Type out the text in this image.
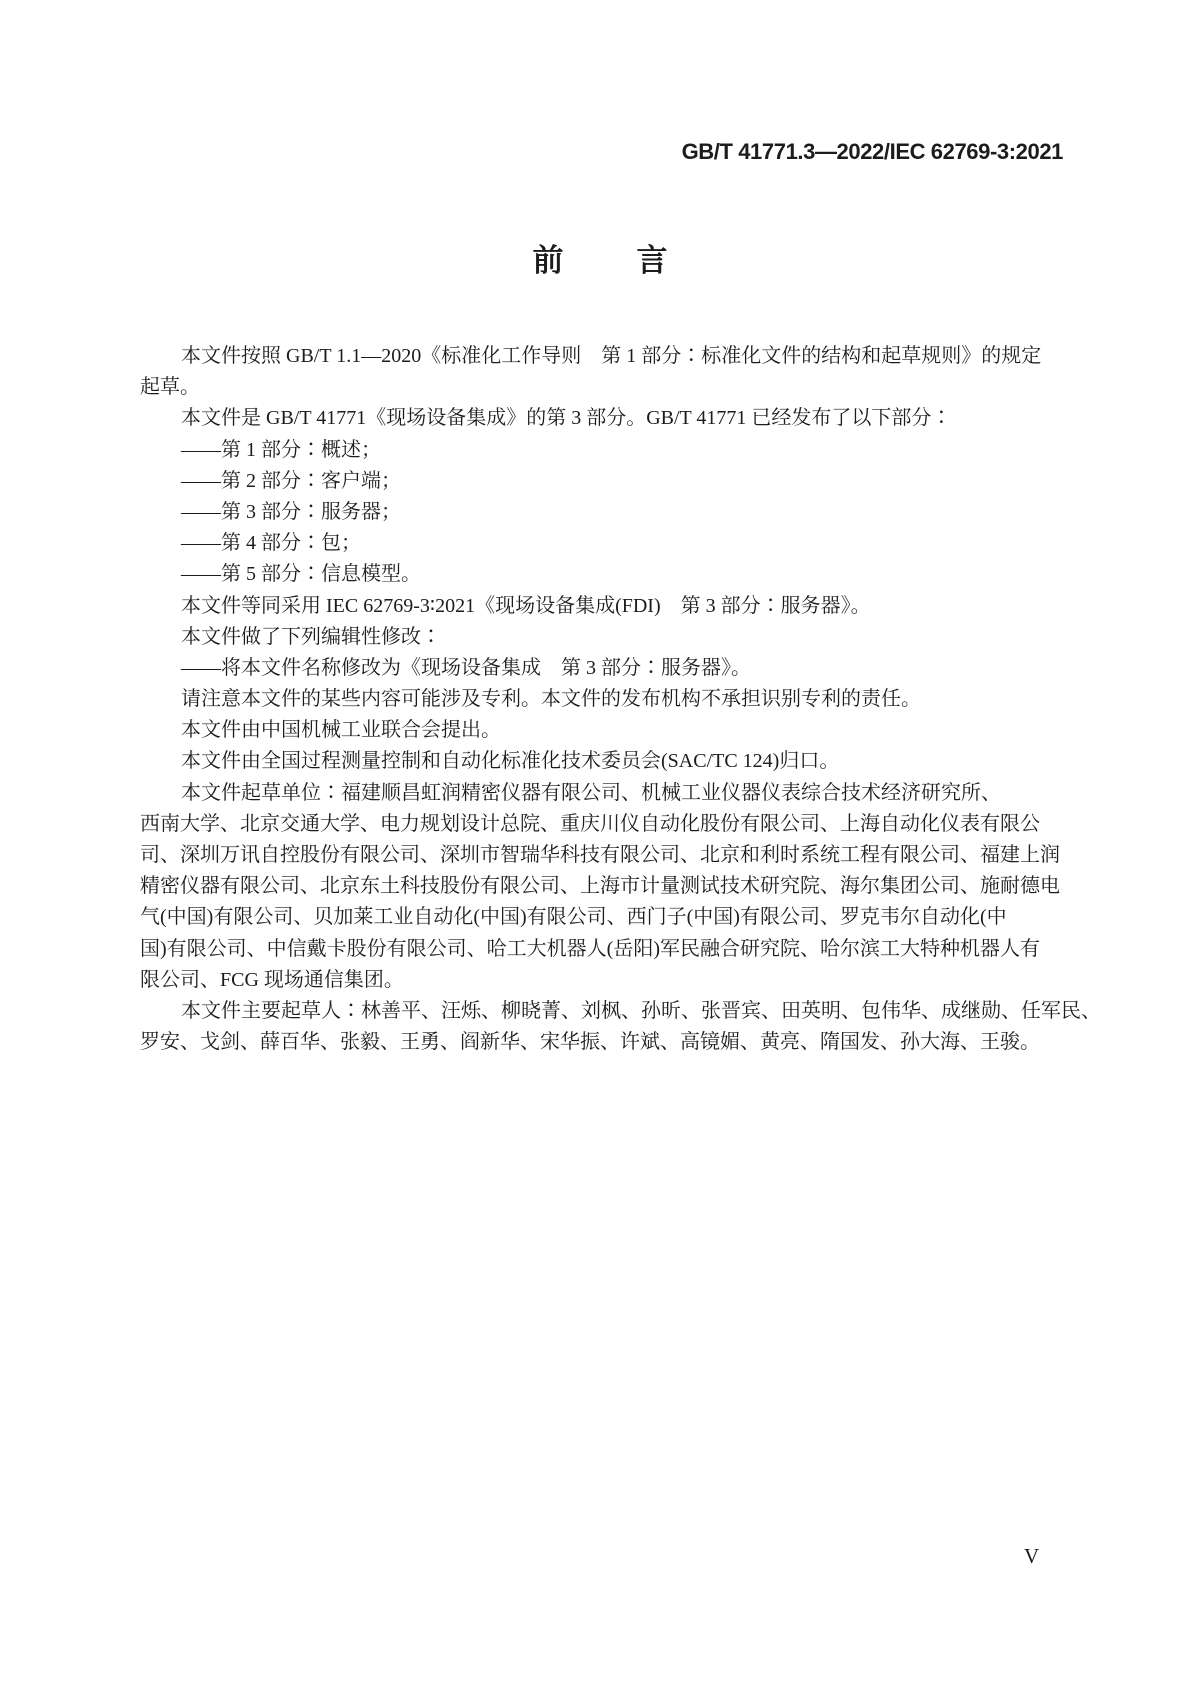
GB/T 41771.3—2022/IEC 62769-3:2021
前 言
本文件按照 GB/T 1.1—2020《标准化工作导则　第 1 部分∶标准化文件的结构和起草规则》的规定
起草。
本文件是 GB/T 41771《现场设备集成》的第 3 部分。GB/T 41771 已经发布了以下部分∶
——第 1 部分∶概述；
——第 2 部分∶客户端；
——第 3 部分∶服务器；
——第 4 部分∶包；
——第 5 部分∶信息模型。
本文件等同采用 IEC 62769-3∶2021《现场设备集成(FDI)　第 3 部分∶服务器》。
本文件做了下列编辑性修改∶
——将本文件名称修改为《现场设备集成　第 3 部分∶服务器》。
请注意本文件的某些内容可能涉及专利。本文件的发布机构不承担识别专利的责任。
本文件由中国机械工业联合会提出。
本文件由全国过程测量控制和自动化标准化技术委员会(SAC/TC 124)归口。
本文件起草单位∶福建顺昌虹润精密仪器有限公司、机械工业仪器仪表综合技术经济研究所、
西南大学、北京交通大学、电力规划设计总院、重庆川仪自动化股份有限公司、上海自动化仪表有限公
司、深圳万讯自控股份有限公司、深圳市智瑞华科技有限公司、北京和利时系统工程有限公司、福建上润
精密仪器有限公司、北京东土科技股份有限公司、上海市计量测试技术研究院、海尔集团公司、施耐德电
气(中国)有限公司、贝加莱工业自动化(中国)有限公司、西门子(中国)有限公司、罗克韦尔自动化(中
国)有限公司、中信戴卡股份有限公司、哈工大机器人(岳阳)军民融合研究院、哈尔滨工大特种机器人有
限公司、FCG 现场通信集团。
本文件主要起草人∶林善平、汪烁、柳晓菁、刘枫、孙昕、张晋宾、田英明、包伟华、成继勋、任军民、
罗安、戈剑、薛百华、张毅、王勇、阎新华、宋华振、许斌、高镜媚、黄亮、隋国发、孙大海、王骏。
V
